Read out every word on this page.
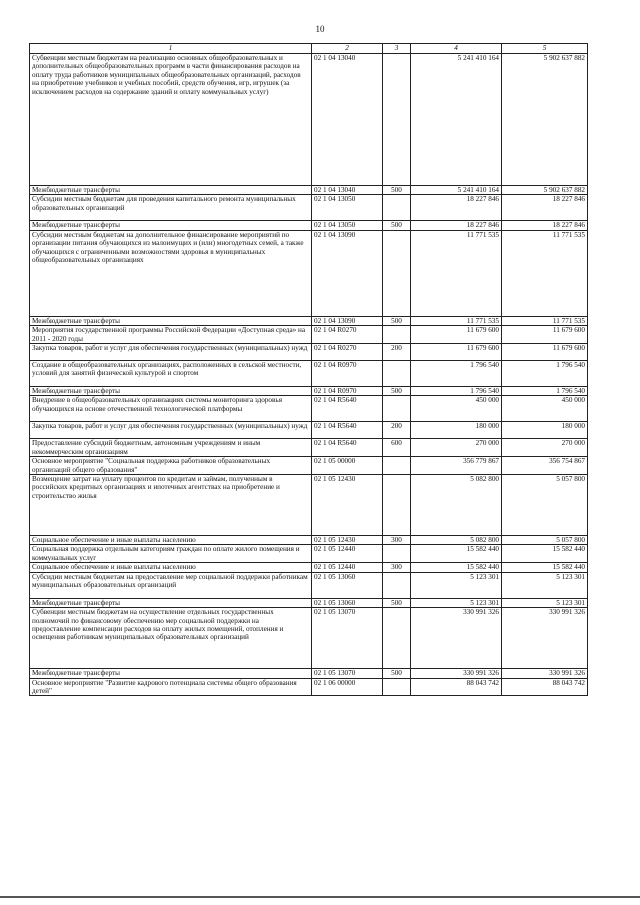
10
1	2	3	4	5
Субвенции местным бюджетам на реализацию основных общеобразовательных и дополнительных общеобразовательных программ в части финансирования расходов на оплату труда работников муниципальных общеобразовательных организаций, расходов на приобретение учебников и учебных пособий, средств обучения, игр, игрушек (за исключением расходов на содержание зданий и оплату коммунальных услуг)	02 1 04 13040		5 241 410 164	5 902 637 882
Межбюджетные трансферты	02 1 04 13040	500	5 241 410 164	5 902 637 882
Субсидии местным бюджетам для проведения капитального ремонта муниципальных образовательных организаций	02 1 04 13050		18 227 846	18 227 846
Межбюджетные трансферты	02 1 04 13050	500	18 227 846	18 227 846
Субсидии местным бюджетам на дополнительное финансирование мероприятий по организации питания обучающихся из малоимущих и (или) многодетных семей, а также обучающихся с ограниченными возможностями здоровья в муниципальных общеобразовательных организациях	02 1 04 13090		11 771 535	11 771 535
Межбюджетные трансферты	02 1 04 13090	500	11 771 535	11 771 535
Мероприятия государственной программы Российской Федерации «Доступная среда» на 2011 - 2020 годы	02 1 04 R0270		11 679 600	11 679 600
Закупка товаров, работ и услуг для обеспечения государственных (муниципальных) нужд	02 1 04 R0270	200	11 679 600	11 679 600
Создание в общеобразовательных организациях, расположенных в сельской местности, условий для занятий физической культурой и спортом	02 1 04 R0970		1 796 540	1 796 540
Межбюджетные трансферты	02 1 04 R0970	500	1 796 540	1 796 540
Внедрение в общеобразовательных организациях системы мониторинга здоровья обучающихся на основе отечественной технологической платформы	02 1 04 R5640		450 000	450 000
Закупка товаров, работ и услуг для обеспечения государственных (муниципальных) нужд	02 1 04 R5640	200	180 000	180 000
Предоставление субсидий бюджетным, автономным учреждениям и иным некоммерческим организациям	02 1 04 R5640	600	270 000	270 000
Основное мероприятие "Социальная поддержка работников образовательных организаций общего образования"	02 1 05 00000		356 779 867	356 754 867
Возмещение затрат на уплату процентов по кредитам и займам, полученным в российских кредитных организациях и ипотечных агентствах на приобретение и строительство жилья	02 1 05 12430		5 082 800	5 057 800
Социальное обеспечение и иные выплаты населению	02 1 05 12430	300	5 082 800	5 057 800
Социальная поддержка отдельным категориям граждан по оплате жилого помещения и коммунальных услуг	02 1 05 12440		15 582 440	15 582 440
Социальное обеспечение и иные выплаты населению	02 1 05 12440	300	15 582 440	15 582 440
Субсидии местным бюджетам на предоставление мер социальной поддержки работникам муниципальных образовательных организаций	02 1 05 13060		5 123 301	5 123 301
Межбюджетные трансферты	02 1 05 13060	500	5 123 301	5 123 301
Субвенции местным бюджетам на осуществление отдельных государственных полномочий по финансовому обеспечению мер социальной поддержки на предоставление компенсации расходов на оплату жилых помещений, отопления и освещения работникам муниципальных образовательных организаций	02 1 05 13070		330 991 326	330 991 326
Межбюджетные трансферты	02 1 05 13070	500	330 991 326	330 991 326
Основное мероприятие "Развитие кадрового потенциала системы общего образования детей"	02 1 06 00000		88 043 742	88 043 742
